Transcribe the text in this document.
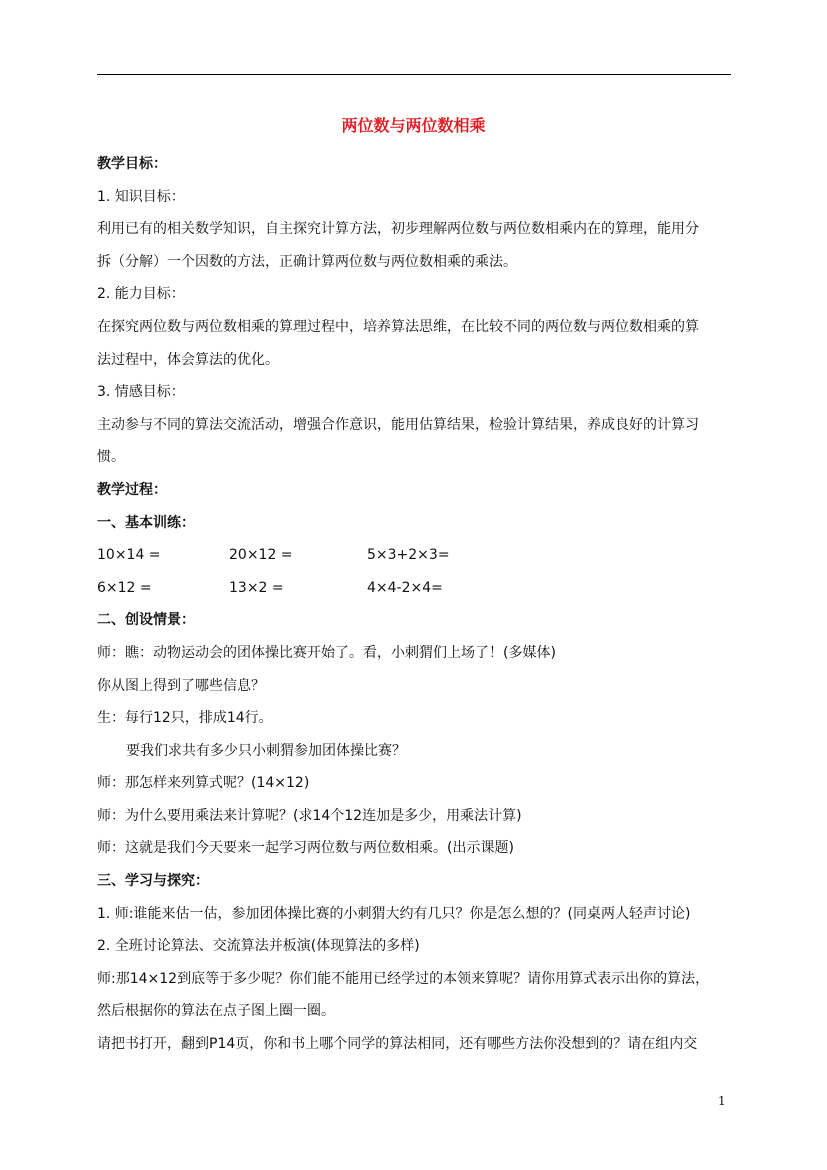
两位数与两位数相乘
教学目标：
1. 知识目标：
利用已有的相关数学知识，自主探究计算方法，初步理解两位数与两位数相乘内在的算理，能用分
拆（分解）一个因数的方法，正确计算两位数与两位数相乘的乘法。
2. 能力目标：
在探究两位数与两位数相乘的算理过程中，培养算法思维，在比较不同的两位数与两位数相乘的算
法过程中，体会算法的优化。
3. 情感目标：
主动参与不同的算法交流活动，增强合作意识，能用估算结果，检验计算结果，养成良好的计算习
惯。
教学过程：
一、基本训练：
10×14 =	20×12 =	5×3+2×3=
6×12 =	13×2 =	4×4-2×4=
二、创设情景：
师：瞧：动物运动会的团体操比赛开始了。看，小刺猬们上场了！(多媒体)
你从图上得到了哪些信息？
生：每行12只，排成14行。
要我们求共有多少只小刺猬参加团体操比赛？
师：那怎样来列算式呢？(14×12)
师：为什么要用乘法来计算呢？(求14个12连加是多少，用乘法计算)
师：这就是我们今天要来一起学习两位数与两位数相乘。(出示课题)
三、学习与探究：
1. 师:谁能来估一估，参加团体操比赛的小刺猬大约有几只？你是怎么想的？(同桌两人轻声讨论)
2. 全班讨论算法、交流算法并板演(体现算法的多样)
师:那14×12到底等于多少呢？你们能不能用已经学过的本领来算呢？请你用算式表示出你的算法，
然后根据你的算法在点子图上圈一圈。
请把书打开，翻到P14页，你和书上哪个同学的算法相同，还有哪些方法你没想到的？请在组内交
1
